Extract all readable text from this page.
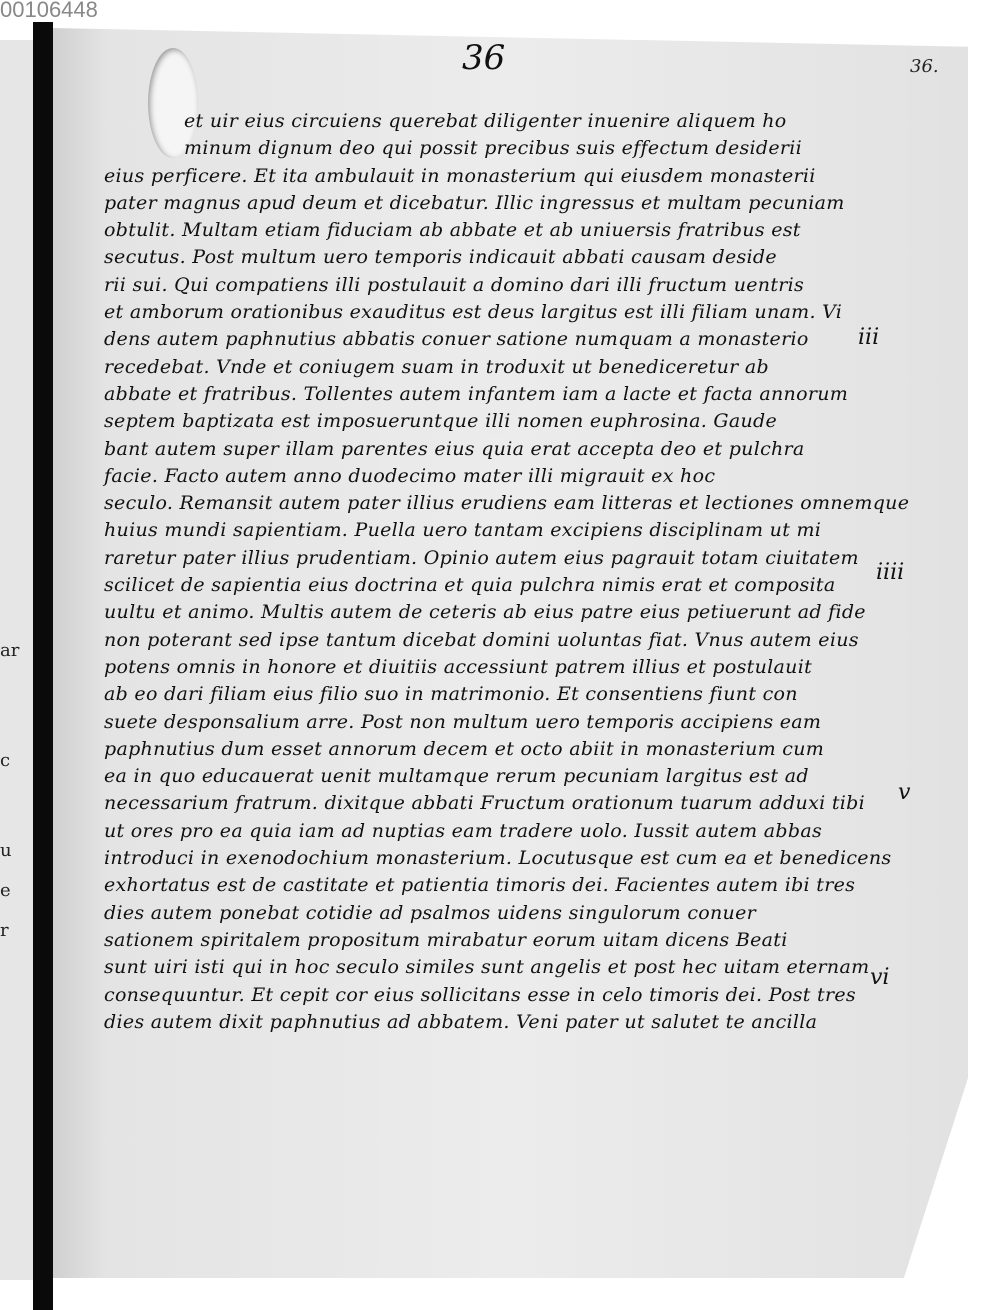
00106448
ar
c
u
e
r
36	36.
iii
iiii
v
vi
et uir eius circuiens querebat diligenter inuenire aliquem ho
minum dignum deo qui possit precibus suis effectum desiderii
eius perficere. Et ita ambulauit in monasterium qui eiusdem monasterii
pater magnus apud deum et dicebatur. Illic ingressus et multam pecuniam
obtulit. Multam etiam fiduciam ab abbate et ab uniuersis fratribus est
secutus. Post multum uero temporis indicauit abbati causam deside
rii sui. Qui compatiens illi postulauit a domino dari illi fructum uentris
et amborum orationibus exauditus est deus largitus est illi filiam unam. Vi
dens autem paphnutius abbatis conuer satione numquam a monasterio
recedebat. Vnde et coniugem suam in troduxit ut benediceretur ab
abbate et fratribus. Tollentes autem infantem iam a lacte et facta annorum
septem baptizata est imposueruntque illi nomen euphrosina. Gaude
bant autem super illam parentes eius quia erat accepta deo et pulchra
facie. Facto autem anno duodecimo mater illi migrauit ex hoc
seculo. Remansit autem pater illius erudiens eam litteras et lectiones omnemque
huius mundi sapientiam. Puella uero tantam excipiens disciplinam ut mi
raretur pater illius prudentiam. Opinio autem eius pagrauit totam ciuitatem
scilicet de sapientia eius doctrina et quia pulchra nimis erat et composita
uultu et animo. Multis autem de ceteris ab eius patre eius petiuerunt ad fide
non poterant sed ipse tantum dicebat domini uoluntas fiat. Vnus autem eius
potens omnis in honore et diuitiis accessiunt patrem illius et postulauit
ab eo dari filiam eius filio suo in matrimonio. Et consentiens fiunt con
suete desponsalium arre. Post non multum uero temporis accipiens eam
paphnutius dum esset annorum decem et octo abiit in monasterium cum
ea in quo educauerat uenit multamque rerum pecuniam largitus est ad
necessarium fratrum. dixitque abbati Fructum orationum tuarum adduxi tibi
ut ores pro ea quia iam ad nuptias eam tradere uolo. Iussit autem abbas
introduci in exenodochium monasterium. Locutusque est cum ea et benedicens
exhortatus est de castitate et patientia timoris dei. Facientes autem ibi tres
dies autem ponebat cotidie ad psalmos uidens singulorum conuer
sationem spiritalem propositum mirabatur eorum uitam dicens Beati
sunt uiri isti qui in hoc seculo similes sunt angelis et post hec uitam eternam
consequuntur. Et cepit cor eius sollicitans esse in celo timoris dei. Post tres
dies autem dixit paphnutius ad abbatem. Veni pater ut salutet te ancilla
